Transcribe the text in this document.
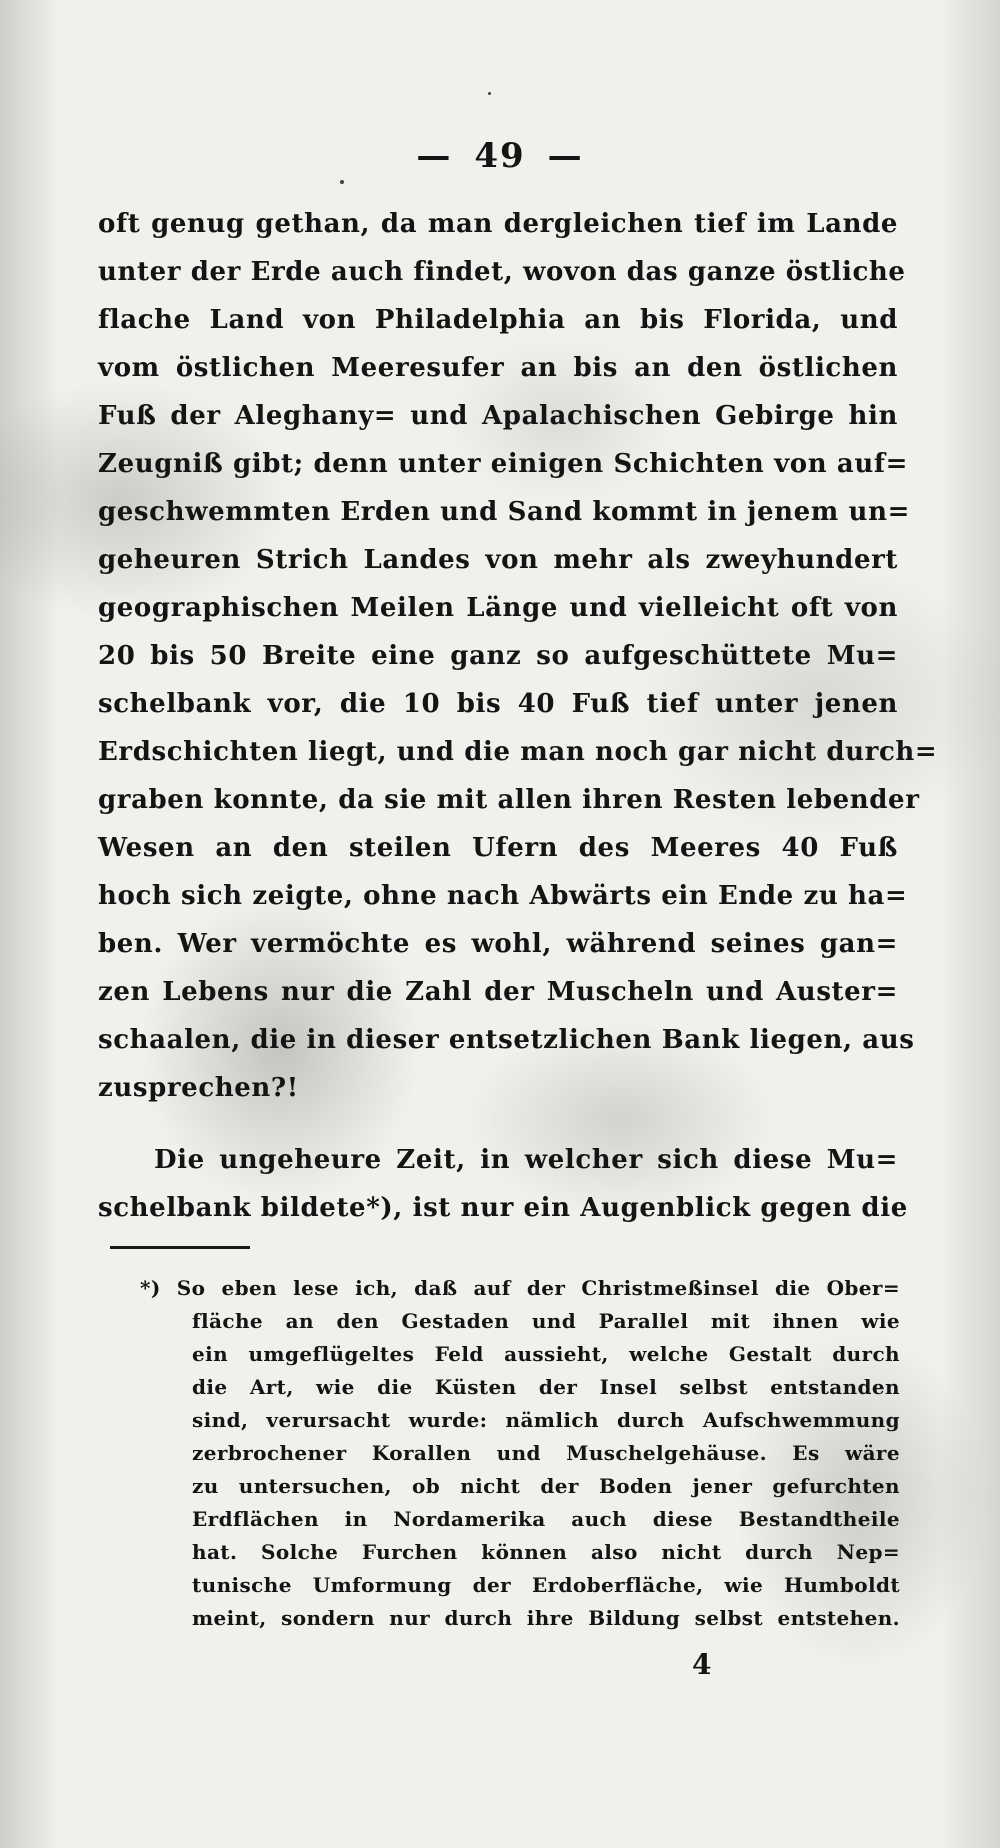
— 49 —
oft genug gethan, da man dergleichen tief im Lande
unter der Erde auch findet, wovon das ganze östliche
flache Land von Philadelphia an bis Florida, und
vom östlichen Meeresufer an bis an den östlichen
Fuß der Aleghany= und Apalachischen Gebirge hin
Zeugniß gibt; denn unter einigen Schichten von auf=
geschwemmten Erden und Sand kommt in jenem un=
geheuren Strich Landes von mehr als zweyhundert
geographischen Meilen Länge und vielleicht oft von
20 bis 50 Breite eine ganz so aufgeschüttete Mu=
schelbank vor, die 10 bis 40 Fuß tief unter jenen
Erdschichten liegt, und die man noch gar nicht durch=
graben konnte, da sie mit allen ihren Resten lebender
Wesen an den steilen Ufern des Meeres 40 Fuß
hoch sich zeigte, ohne nach Abwärts ein Ende zu ha=
ben. Wer vermöchte es wohl, während seines gan=
zen Lebens nur die Zahl der Muscheln und Auster=
schaalen, die in dieser entsetzlichen Bank liegen, aus
zusprechen?!
Die ungeheure Zeit, in welcher sich diese Mu=
schelbank bildete*), ist nur ein Augenblick gegen die
*) So eben lese ich, daß auf der Christmeßinsel die Ober=
fläche an den Gestaden und Parallel mit ihnen wie
ein umgeflügeltes Feld aussieht, welche Gestalt durch
die Art, wie die Küsten der Insel selbst entstanden
sind, verursacht wurde: nämlich durch Aufschwemmung
zerbrochener Korallen und Muschelgehäuse. Es wäre
zu untersuchen, ob nicht der Boden jener gefurchten
Erdflächen in Nordamerika auch diese Bestandtheile
hat. Solche Furchen können also nicht durch Nep=
tunische Umformung der Erdoberfläche, wie Humboldt
meint, sondern nur durch ihre Bildung selbst entstehen.
4
